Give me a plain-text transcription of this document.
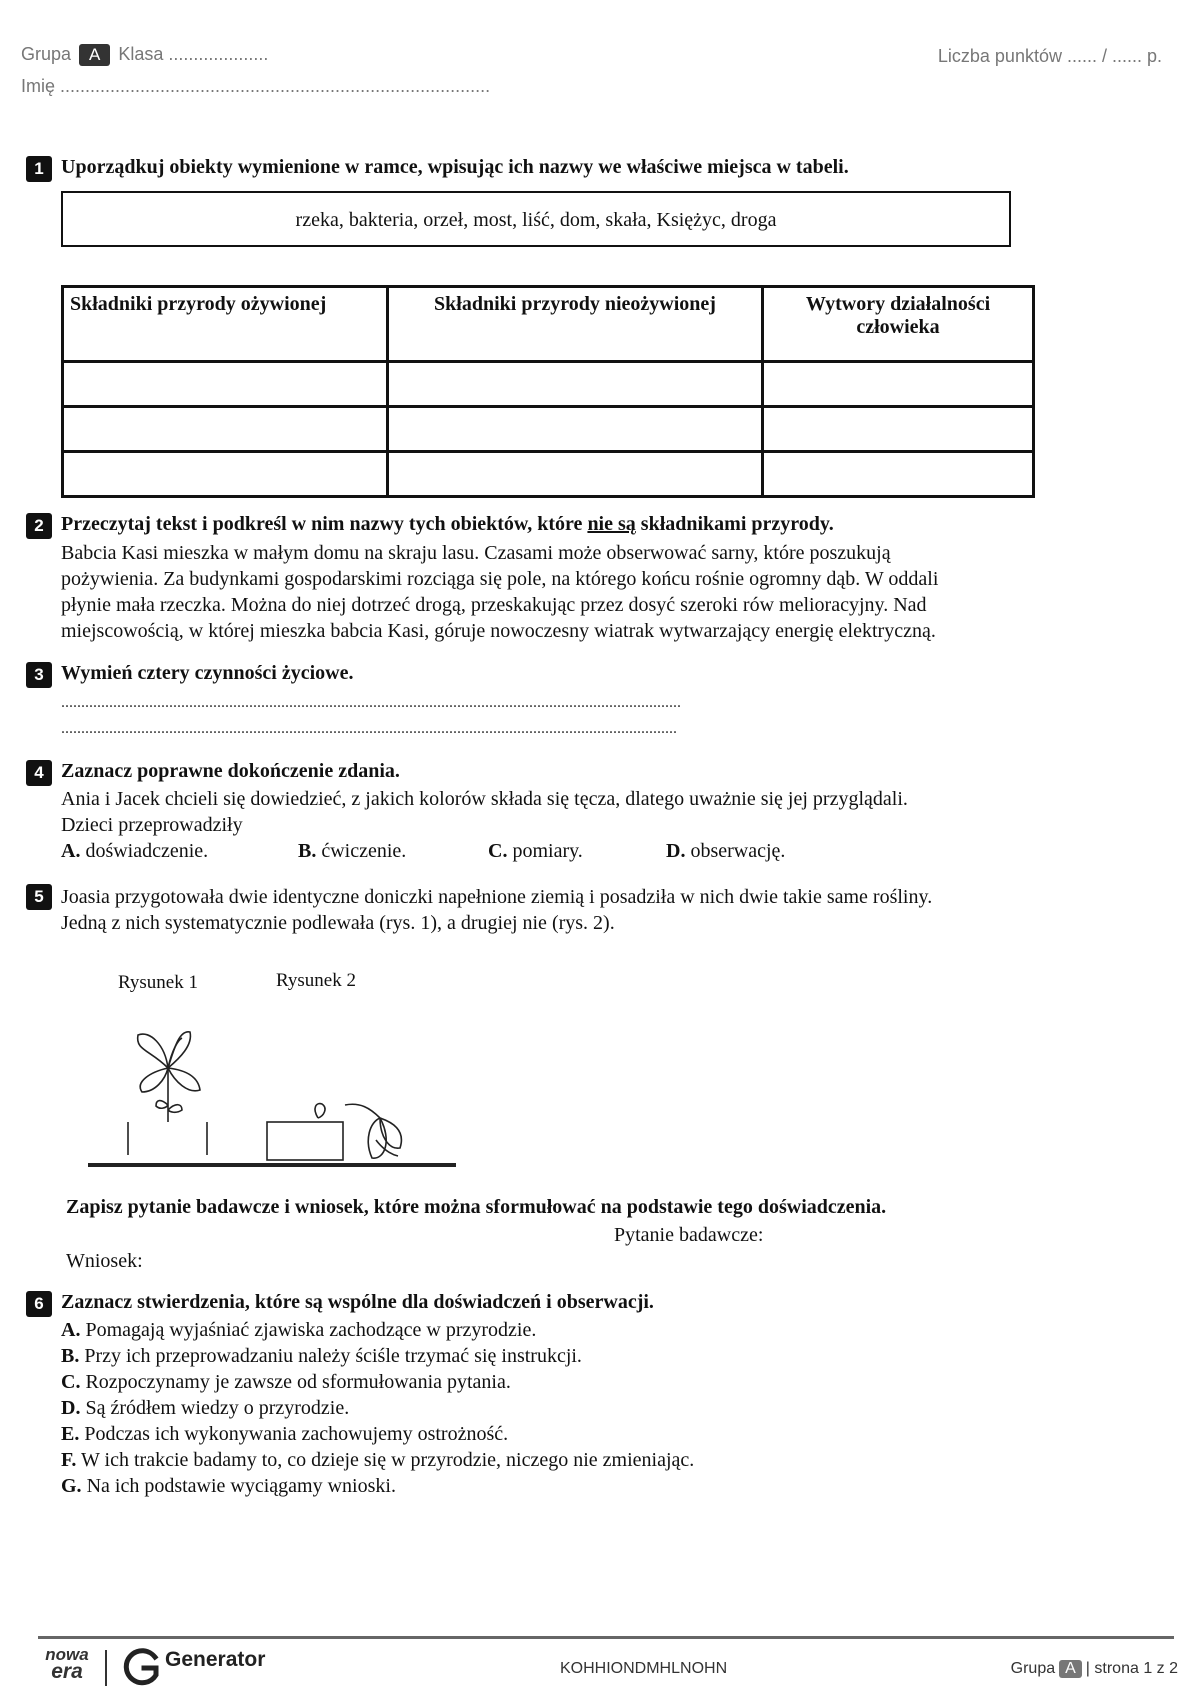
Grupa A Klasa ....................	Liczba punktów ...... / ...... p.
Imię ......................................................................................
1 Uporządkuj obiekty wymienione w ramce, wpisując ich nazwy we właściwe miejsca w tabeli.
rzeka, bakteria, orzeł, most, liść, dom, skała, Księżyc, droga
Składniki przyrody ożywionej	Składniki przyrody nieożywionej	Wytwory działalności człowieka

2 Przeczytaj tekst i podkreśl w nim nazwy tych obiektów, które nie są składnikami przyrody.
Babcia Kasi mieszka w małym domu na skraju lasu. Czasami może obserwować sarny, które poszukują
pożywienia. Za budynkami gospodarskimi rozciąga się pole, na którego końcu rośnie ogromny dąb. W oddali
płynie mała rzeczka. Można do niej dotrzeć drogą, przeskakując przez dosyć szeroki rów melioracyjny. Nad
miejscowością, w której mieszka babcia Kasi, góruje nowoczesny wiatrak wytwarzający energię elektryczną.
3 Wymień cztery czynności życiowe.
...........................................................................................................................................................
..........................................................................................................................................................
4 Zaznacz poprawne dokończenie zdania.
Ania i Jacek chcieli się dowiedzieć, z jakich kolorów składa się tęcza, dlatego uważnie się jej przyglądali.
Dzieci przeprowadziły
A. doświadczenie.	B. ćwiczenie.	C. pomiary.	D. obserwację.
5 Joasia przygotowała dwie identyczne doniczki napełnione ziemią i posadziła w nich dwie takie same rośliny.
Jedną z nich systematycznie podlewała (rys. 1), a drugiej nie (rys. 2).
Rysunek 1	Rysunek 2
Zapisz pytanie badawcze i wniosek, które można sformułować na podstawie tego doświadczenia.
Pytanie badawcze:
Wniosek:
6 Zaznacz stwierdzenia, które są wspólne dla doświadczeń i obserwacji.
A. Pomagają wyjaśniać zjawiska zachodzące w przyrodzie.
B. Przy ich przeprowadzaniu należy ściśle trzymać się instrukcji.
C. Rozpoczynamy je zawsze od sformułowania pytania.
D. Są źródłem wiedzy o przyrodzie.
E. Podczas ich wykonywania zachowujemy ostrożność.
F. W ich trakcie badamy to, co dzieje się w przyrodzie, niczego nie zmieniając.
G. Na ich podstawie wyciągamy wnioski.
nowa
era
Generator	KOHHIONDMHLNOHN	Grupa A | strona 1 z 2
